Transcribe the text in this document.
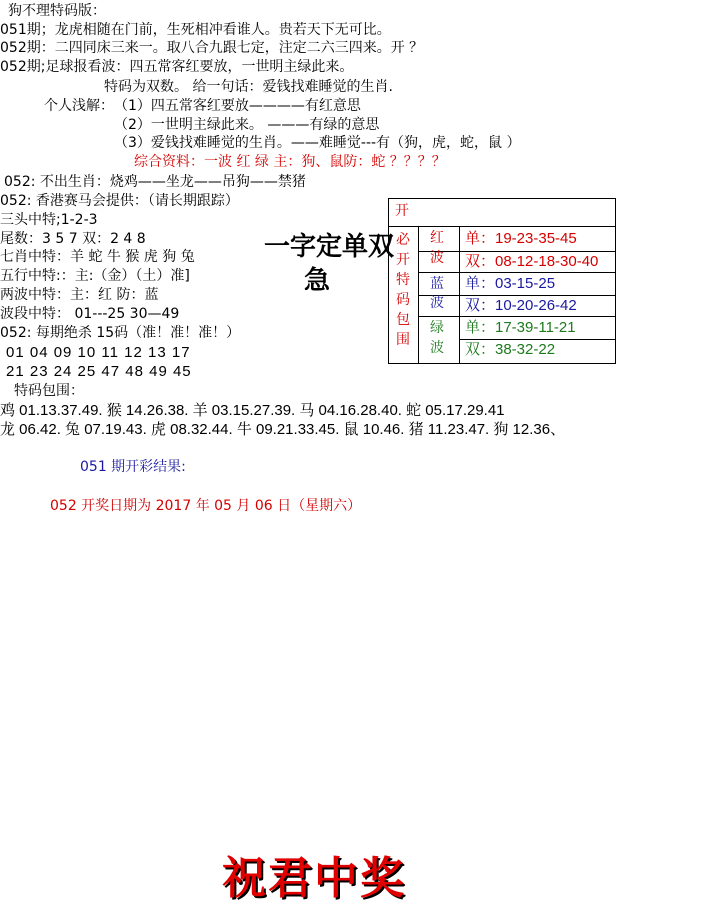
狗不理特码版：
051期；龙虎相随在门前，生死相冲看谁人。贵若天下无可比。
052期：二四同床三来一。取八合九跟七定，注定二六三四来。开 ？
052期;足球报看波：四五常客红要放，一世明主绿此来。
特码为双数。 给一句话：爱钱找难睡觉的生肖.
个人浅解： （1）四五常客红要放————有红意思
（2）一世明主绿此来。 ———有绿的意思
（3）爱钱找难睡觉的生肖。——难睡觉---有（狗，虎，蛇，鼠 ）
综合资料：一波 红 绿 主：狗、鼠防：蛇 ？？？？
052: 不出生肖：烧鸡——坐龙——吊狗——禁猪
052: 香港赛马会提供：（请长期跟踪）
三头中特;1-2-3
尾数：3 5 7 双：2 4 8
七肖中特：羊 蛇 牛 猴 虎 狗 兔
五行中特:：主:（金）（土）准]
两波中特：主：红 防：蓝
波段中特： 01---25 30—49
052: 每期绝杀 15码（准！准！准！）
01 04 09 10 11 12 13 17
21 23 24 25 47 48 49 45
一字定单双
急
开
必
开
特
码
包
围
红
波
蓝
波
绿
波
单：19-23-35-45
双：08-12-18-30-40
单：03-15-25
双：10-20-26-42
单：17-39-11-21
双：38-32-22
特码包围：
鸡 01.13.37.49. 猴 14.26.38. 羊 03.15.27.39. 马 04.16.28.40. 蛇 05.17.29.41
龙 06.42. 兔 07.19.43. 虎 08.32.44. 牛 09.21.33.45. 鼠 10.46. 猪 11.23.47. 狗 12.36、
051 期开彩结果:
052 开奖日期为 2017 年 05 月 06 日（星期六）
祝君中奖
